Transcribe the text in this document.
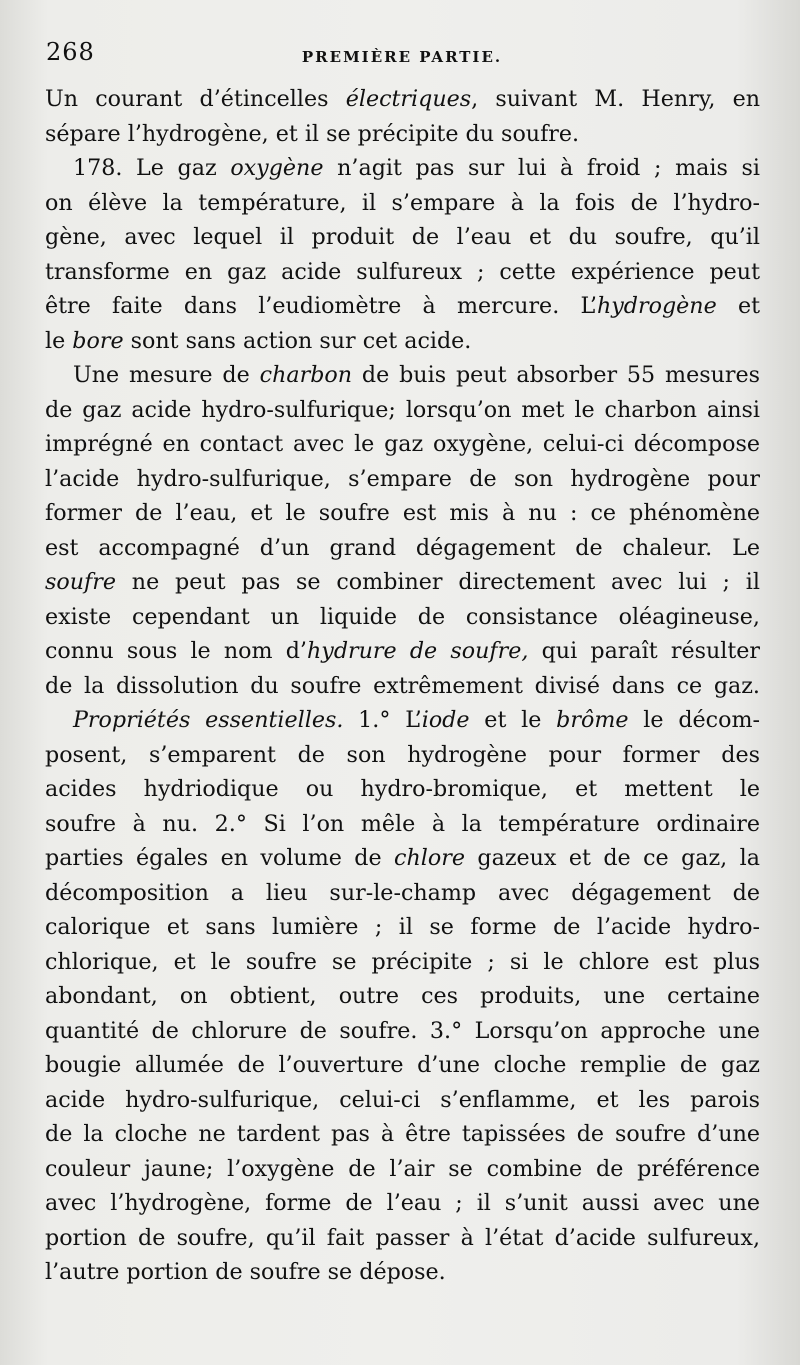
268	PREMIÈRE PARTIE.
Un courant d’étincelles électriques, suivant M. Henry, en
sépare l’hydrogène, et il se précipite du soufre.
178. Le gaz oxygène n’agit pas sur lui à froid ; mais si
on élève la température, il s’empare à la fois de l’hydro-
gène, avec lequel il produit de l’eau et du soufre, qu’il
transforme en gaz acide sulfureux ; cette expérience peut
être faite dans l’eudiomètre à mercure. L’hydrogène et
le bore sont sans action sur cet acide.
Une mesure de charbon de buis peut absorber 55 mesures
de gaz acide hydro-sulfurique; lorsqu’on met le charbon ainsi
imprégné en contact avec le gaz oxygène, celui-ci décompose
l’acide hydro-sulfurique, s’empare de son hydrogène pour
former de l’eau, et le soufre est mis à nu : ce phénomène
est accompagné d’un grand dégagement de chaleur. Le
soufre ne peut pas se combiner directement avec lui ; il
existe cependant un liquide de consistance oléagineuse,
connu sous le nom d’hydrure de soufre, qui paraît résulter
de la dissolution du soufre extrêmement divisé dans ce gaz.
Propriétés essentielles. 1.° L’iode et le brôme le décom-
posent, s’emparent de son hydrogène pour former des
acides hydriodique ou hydro-bromique, et mettent le
soufre à nu. 2.° Si l’on mêle à la température ordinaire
parties égales en volume de chlore gazeux et de ce gaz, la
décomposition a lieu sur-le-champ avec dégagement de
calorique et sans lumière ; il se forme de l’acide hydro-
chlorique, et le soufre se précipite ; si le chlore est plus
abondant, on obtient, outre ces produits, une certaine
quantité de chlorure de soufre. 3.° Lorsqu’on approche une
bougie allumée de l’ouverture d’une cloche remplie de gaz
acide hydro-sulfurique, celui-ci s’enflamme, et les parois
de la cloche ne tardent pas à être tapissées de soufre d’une
couleur jaune; l’oxygène de l’air se combine de préférence
avec l’hydrogène, forme de l’eau ; il s’unit aussi avec une
portion de soufre, qu’il fait passer à l’état d’acide sulfureux,
l’autre portion de soufre se dépose.
